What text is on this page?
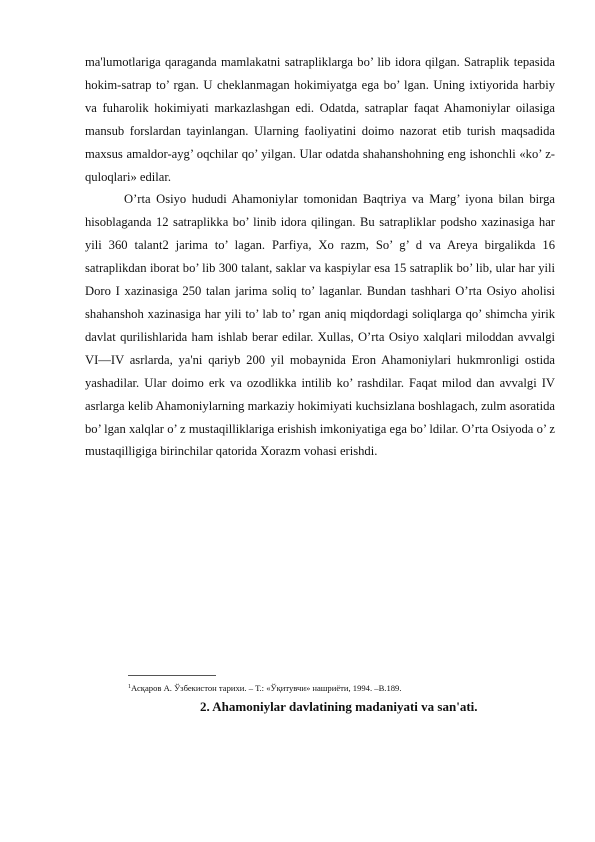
ma'lumotlariga qaraganda mamlakatni satrapliklarga bo’ lib idora qilgan. Satraplik tepasida hokim-satrap to’ rgan. U cheklanmagan hokimiyatga ega bo’ lgan. Uning ixtiyorida harbiy va fuharolik hokimiyati markazlashgan edi. Odatda, satraplar faqat Ahamoniylar oilasiga mansub forslardan tayinlangan. Ularning faoliyatini doimo nazorat etib turish maqsadida maxsus amaldor-ayg’ oqchilar qo’ yilgan. Ular odatda shahanshohning eng ishonchli «ko’ z-quloqlari» edilar.

O’rta Osiyo hududi Ahamoniylar tomonidan Baqtriya va Marg’ iyona bilan birga hisoblaganda 12 satraplikka bo’ linib idora qilingan. Bu satrapliklar podsho xazinasiga har yili 360 talant2 jarima to’ lagan. Parfiya, Xo razm, So’ g’ d va Areya birgalikda 16 satraplikdan iborat bo’ lib 300 talant, saklar va kaspiylar esa 15 satraplik bo’ lib, ular har yili Doro I xazinasiga 250 talan jarima soliq to’ laganlar. Bundan tashhari O’rta Osiyo aholisi shahanshoh xazinasiga har yili to’ lab to’ rgan aniq miqdordagi soliqlarga qo’ shimcha yirik davlat qurilishlarida ham ishlab berar edilar. Xullas, O’rta Osiyo xalqlari miloddan avvalgi VI—IV asrlarda, ya'ni qariyb 200 yil mobaynida Eron Ahamoniylari hukmronligi ostida yashadilar. Ular doimo erk va ozodlikka intilib ko’ rashdilar. Faqat milod dan avvalgi IV asrlarga kelib Ahamoniylarning markaziy hokimiyati kuchsizlana boshlagach, zulm asoratida bo’ lgan xalqlar o’ z mustaqilliklariga erishish imkoniyatiga ega bo’ ldilar. O’rta Osiyoda o’ z mustaqilligiga birinchilar qatorida Xorazm vohasi erishdi.

$^1$Асқаров А. Ўзбекистон тарихи. – Т.: «Ўқитувчи» нашриёти, 1994. –В.189.
2. Ahamoniylar davlatining madaniyati va san'ati.
